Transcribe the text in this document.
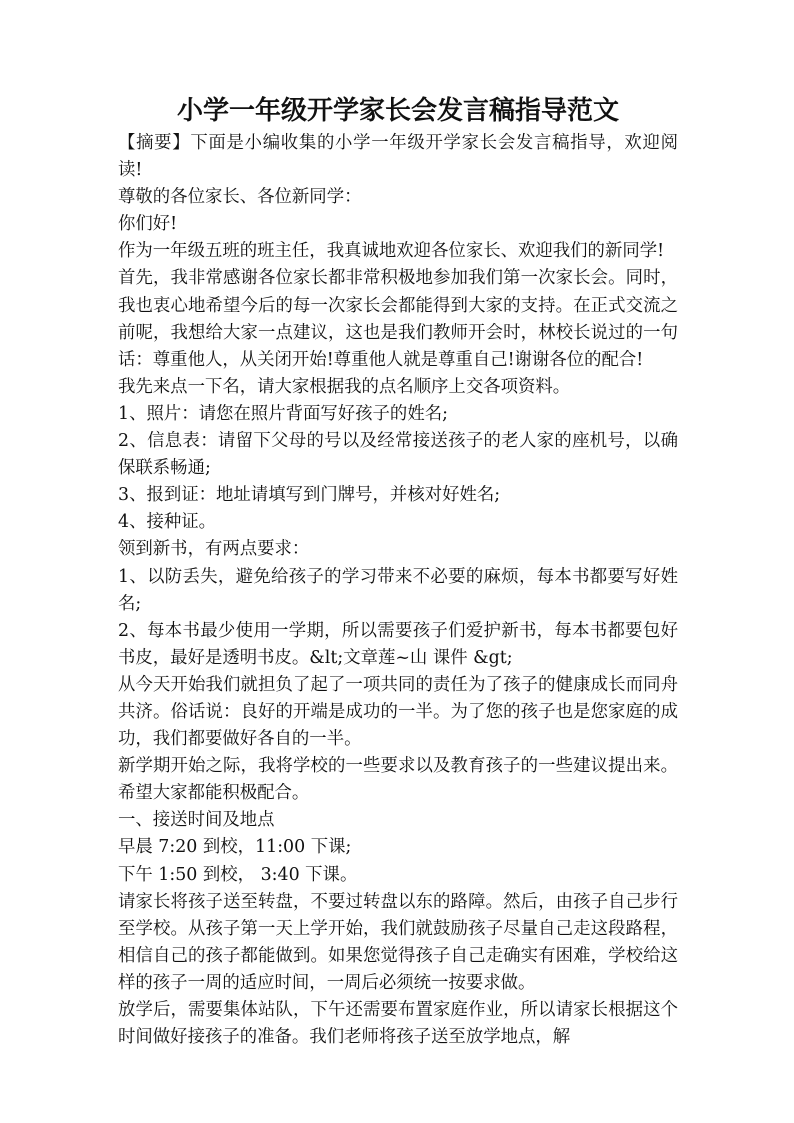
小学一年级开学家长会发言稿指导范文

【摘要】下面是小编收集的小学一年级开学家长会发言稿指导，欢迎阅读!

尊敬的各位家长、各位新同学：

你们好!

作为一年级五班的班主任，我真诚地欢迎各位家长、欢迎我们的新同学!

首先，我非常感谢各位家长都非常积极地参加我们第一次家长会。同时，我也衷心地希望今后的每一次家长会都能得到大家的支持。在正式交流之前呢，我想给大家一点建议，这也是我们教师开会时，林校长说过的一句话：尊重他人，从关闭开始!尊重他人就是尊重自己!谢谢各位的配合!

我先来点一下名，请大家根据我的点名顺序上交各项资料。

1、照片：请您在照片背面写好孩子的姓名;

2、信息表：请留下父母的号以及经常接送孩子的老人家的座机号，以确保联系畅通;

3、报到证：地址请填写到门牌号，并核对好姓名;

4、接种证。

领到新书，有两点要求：

1、以防丢失，避免给孩子的学习带来不必要的麻烦，每本书都要写好姓名;

2、每本书最少使用一学期，所以需要孩子们爱护新书，每本书都要包好书皮，最好是透明书皮。&lt;文章莲~山 课件 &gt;

从今天开始我们就担负了起了一项共同的责任为了孩子的健康成长而同舟共济。俗话说：良好的开端是成功的一半。为了您的孩子也是您家庭的成功，我们都要做好各自的一半。

新学期开始之际，我将学校的一些要求以及教育孩子的一些建议提出来。希望大家都能积极配合。

一、接送时间及地点

早晨 7:20 到校，11:00 下课;

下午 1:50 到校， 3:40 下课。

请家长将孩子送至转盘，不要过转盘以东的路障。然后，由孩子自己步行至学校。从孩子第一天上学开始，我们就鼓励孩子尽量自己走这段路程，相信自己的孩子都能做到。如果您觉得孩子自己走确实有困难，学校给这样的孩子一周的适应时间，一周后必须统一按要求做。

放学后，需要集体站队，下午还需要布置家庭作业，所以请家长根据这个时间做好接孩子的准备。我们老师将孩子送至放学地点，解
